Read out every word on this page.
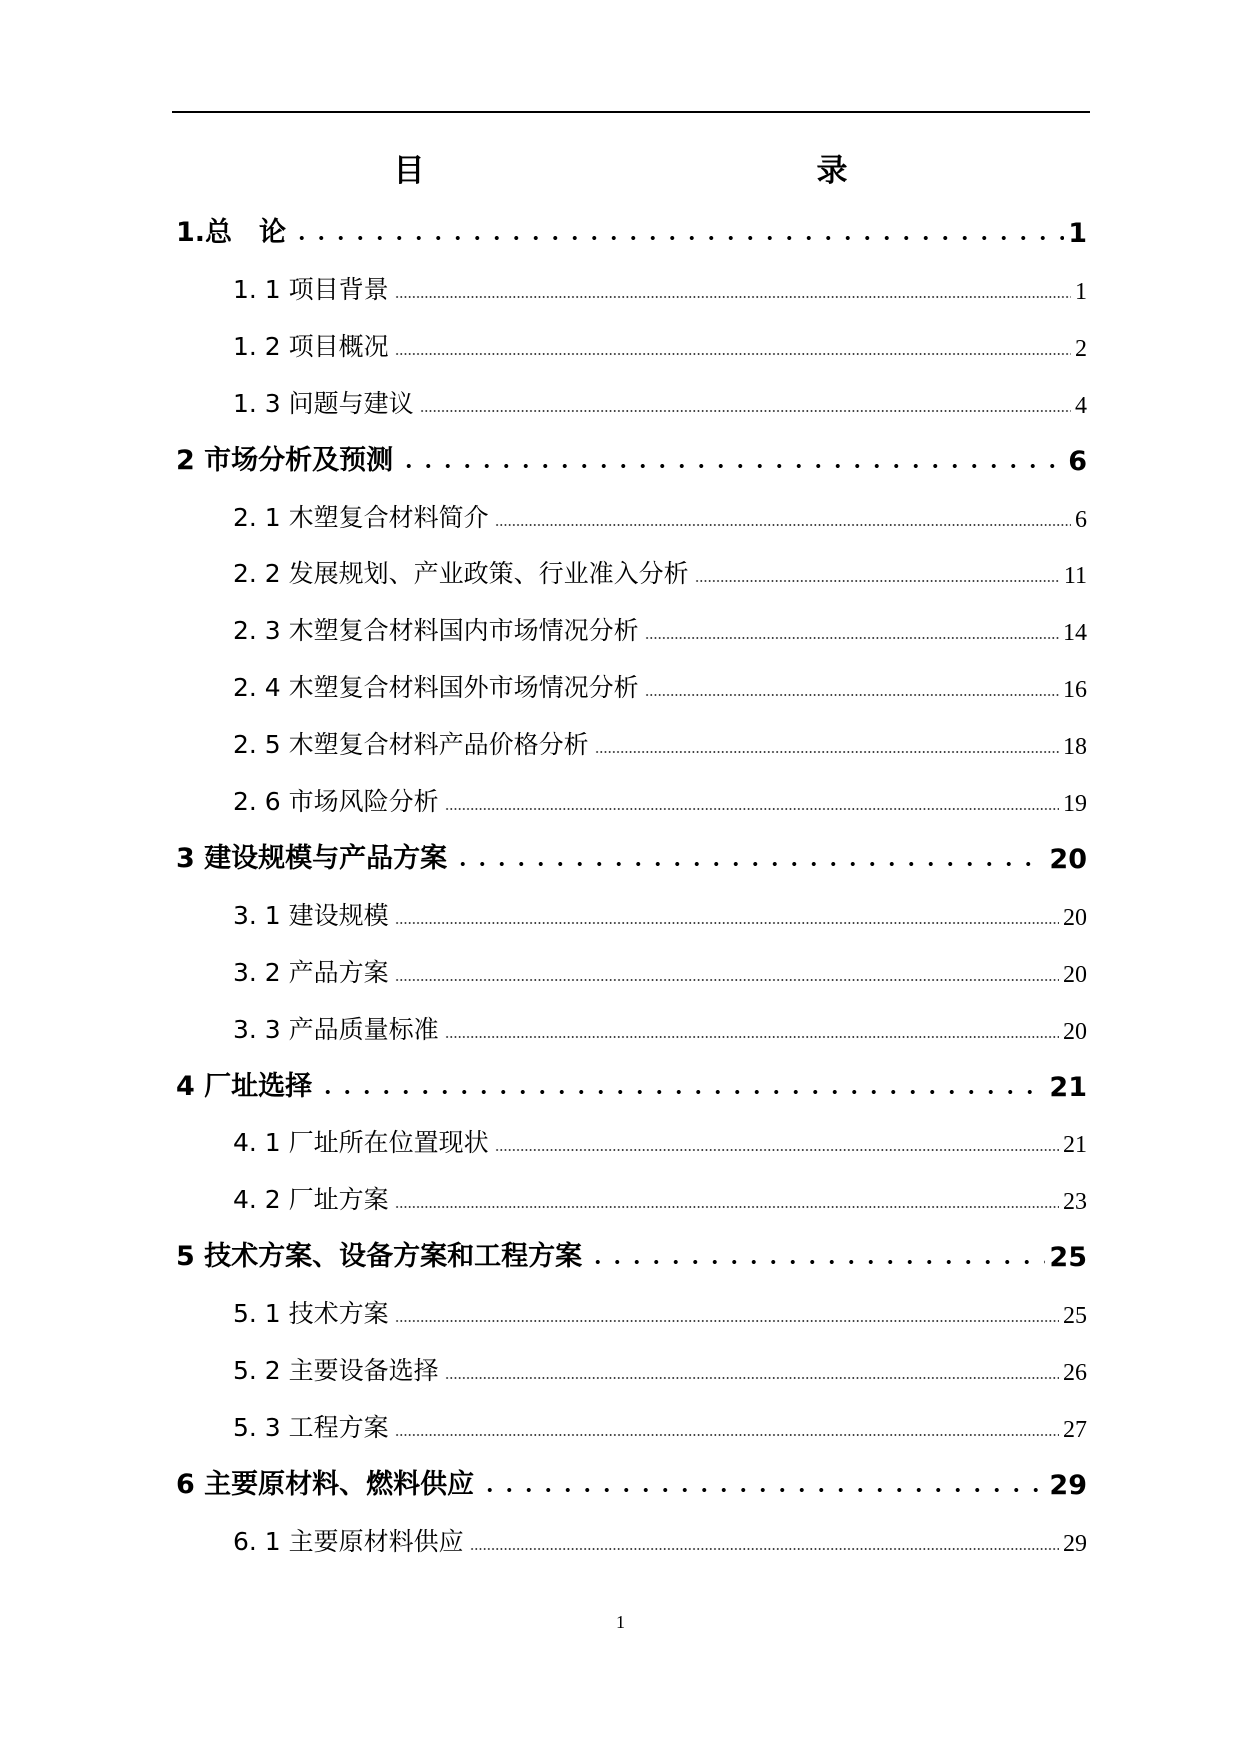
目　　录
1.总　论	1
1. 1 项目背景	1
1. 2 项目概况	2
1. 3 问题与建议	4
2 市场分析及预测	6
2. 1 木塑复合材料简介	6
2. 2 发展规划、产业政策、行业准入分析	11
2. 3 木塑复合材料国内市场情况分析	14
2. 4 木塑复合材料国外市场情况分析	16
2. 5 木塑复合材料产品价格分析	18
2. 6 市场风险分析	19
3 建设规模与产品方案	20
3. 1 建设规模	20
3. 2 产品方案	20
3. 3 产品质量标准	20
4 厂址选择	21
4. 1 厂址所在位置现状	21
4. 2 厂址方案	23
5 技术方案、设备方案和工程方案	25
5. 1 技术方案	25
5. 2 主要设备选择	26
5. 3 工程方案	27
6 主要原材料、燃料供应	29
6. 1 主要原材料供应	29
1
